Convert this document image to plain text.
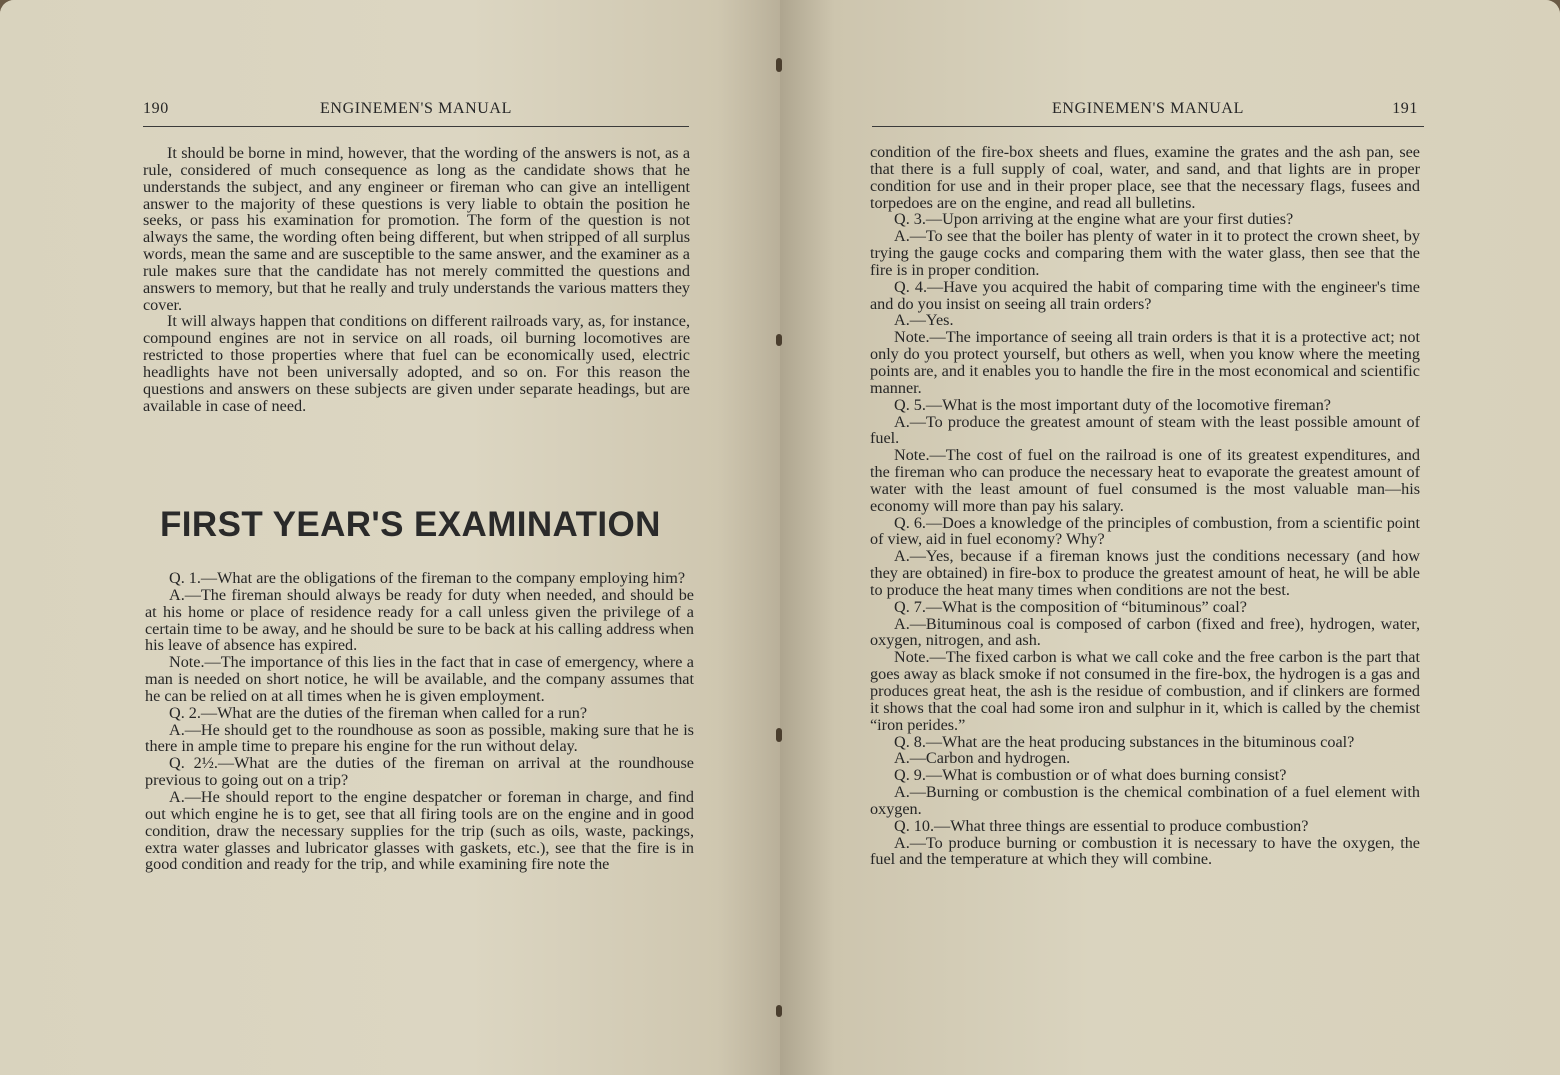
ENGINEMEN'S MANUAL
190

It should be borne in mind, however, that the wording of the answers is not, as a rule, considered of much consequence as long as the candidate shows that he understands the subject, and any engineer or fireman who can give an intelligent answer to the majority of these questions is very liable to obtain the position he seeks, or pass his examination for promotion. The form of the question is not always the same, the wording often being different, but when stripped of all surplus words, mean the same and are susceptible to the same answer, and the examiner as a rule makes sure that the candidate has not merely committed the questions and answers to memory, but that he really and truly understands the various matters they cover.

It will always happen that conditions on different railroads vary, as, for instance, compound engines are not in service on all roads, oil burning locomotives are restricted to those properties where that fuel can be economically used, electric headlights have not been universally adopted, and so on. For this reason the questions and answers on these subjects are given under separate headings, but are available in case of need.

FIRST YEAR'S EXAMINATION

Q. 1.—What are the obligations of the fireman to the company employing him?

A.—The fireman should always be ready for duty when needed, and should be at his home or place of residence ready for a call unless given the privilege of a certain time to be away, and he should be sure to be back at his calling address when his leave of absence has expired.

Note.—The importance of this lies in the fact that in case of emergency, where a man is needed on short notice, he will be available, and the company assumes that he can be relied on at all times when he is given employment.

Q. 2.—What are the duties of the fireman when called for a run?

A.—He should get to the roundhouse as soon as possible, making sure that he is there in ample time to prepare his engine for the run without delay.

Q. 2½.—What are the duties of the fireman on arrival at the roundhouse previous to going out on a trip?

A.—He should report to the engine despatcher or foreman in charge, and find out which engine he is to get, see that all firing tools are on the engine and in good condition, draw the necessary supplies for the trip (such as oils, waste, packings, extra water glasses and lubricator glasses with gaskets, etc.), see that the fire is in good condition and ready for the trip, and while examining fire note the

ENGINEMEN'S MANUAL	191

condition of the fire-box sheets and flues, examine the grates and the ash pan, see that there is a full supply of coal, water, and sand, and that lights are in proper condition for use and in their proper place, see that the necessary flags, fusees and torpedoes are on the engine, and read all bulletins.

Q. 3.—Upon arriving at the engine what are your first duties?

A.—To see that the boiler has plenty of water in it to protect the crown sheet, by trying the gauge cocks and comparing them with the water glass, then see that the fire is in proper condition.

Q. 4.—Have you acquired the habit of comparing time with the engineer's time and do you insist on seeing all train orders?

A.—Yes.

Note.—The importance of seeing all train orders is that it is a protective act; not only do you protect yourself, but others as well, when you know where the meeting points are, and it enables you to handle the fire in the most economical and scientific manner.

Q. 5.—What is the most important duty of the locomotive fireman?

A.—To produce the greatest amount of steam with the least possible amount of fuel.

Note.—The cost of fuel on the railroad is one of its greatest expenditures, and the fireman who can produce the necessary heat to evaporate the greatest amount of water with the least amount of fuel consumed is the most valuable man—his economy will more than pay his salary.

Q. 6.—Does a knowledge of the principles of combustion, from a scientific point of view, aid in fuel economy? Why?

A.—Yes, because if a fireman knows just the conditions necessary (and how they are obtained) in fire-box to produce the greatest amount of heat, he will be able to produce the heat many times when conditions are not the best.

Q. 7.—What is the composition of “bituminous” coal?

A.—Bituminous coal is composed of carbon (fixed and free), hydrogen, water, oxygen, nitrogen, and ash.

Note.—The fixed carbon is what we call coke and the free carbon is the part that goes away as black smoke if not consumed in the fire-box, the hydrogen is a gas and produces great heat, the ash is the residue of combustion, and if clinkers are formed it shows that the coal had some iron and sulphur in it, which is called by the chemist “iron perides.”

Q. 8.—What are the heat producing substances in the bituminous coal?

A.—Carbon and hydrogen.

Q. 9.—What is combustion or of what does burning consist?

A.—Burning or combustion is the chemical combination of a fuel element with oxygen.

Q. 10.—What three things are essential to produce combustion?

A.—To produce burning or combustion it is necessary to have the oxygen, the fuel and the temperature at which they will combine.
